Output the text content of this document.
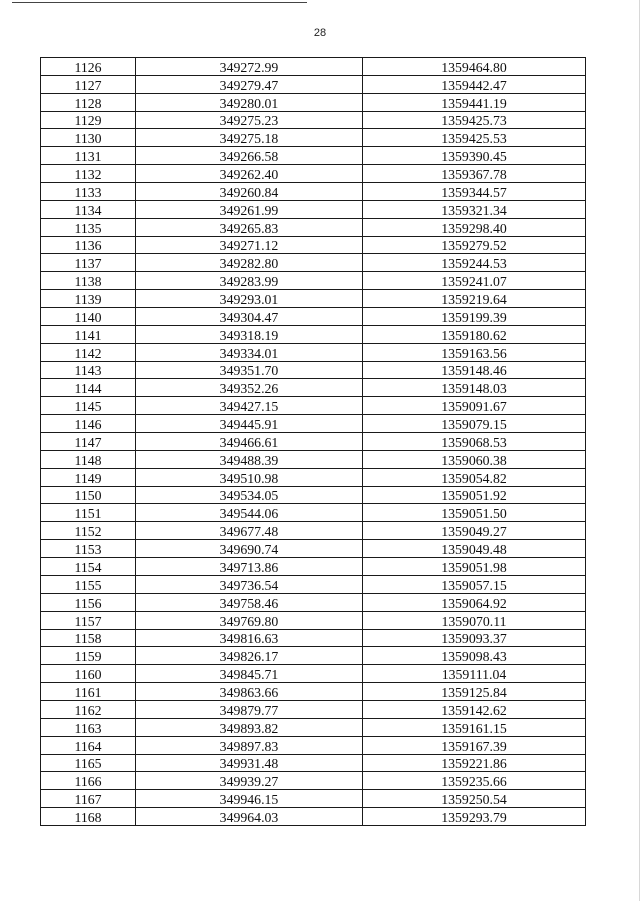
28
1126	349272.99	1359464.80
1127	349279.47	1359442.47
1128	349280.01	1359441.19
1129	349275.23	1359425.73
1130	349275.18	1359425.53
1131	349266.58	1359390.45
1132	349262.40	1359367.78
1133	349260.84	1359344.57
1134	349261.99	1359321.34
1135	349265.83	1359298.40
1136	349271.12	1359279.52
1137	349282.80	1359244.53
1138	349283.99	1359241.07
1139	349293.01	1359219.64
1140	349304.47	1359199.39
1141	349318.19	1359180.62
1142	349334.01	1359163.56
1143	349351.70	1359148.46
1144	349352.26	1359148.03
1145	349427.15	1359091.67
1146	349445.91	1359079.15
1147	349466.61	1359068.53
1148	349488.39	1359060.38
1149	349510.98	1359054.82
1150	349534.05	1359051.92
1151	349544.06	1359051.50
1152	349677.48	1359049.27
1153	349690.74	1359049.48
1154	349713.86	1359051.98
1155	349736.54	1359057.15
1156	349758.46	1359064.92
1157	349769.80	1359070.11
1158	349816.63	1359093.37
1159	349826.17	1359098.43
1160	349845.71	1359111.04
1161	349863.66	1359125.84
1162	349879.77	1359142.62
1163	349893.82	1359161.15
1164	349897.83	1359167.39
1165	349931.48	1359221.86
1166	349939.27	1359235.66
1167	349946.15	1359250.54
1168	349964.03	1359293.79
